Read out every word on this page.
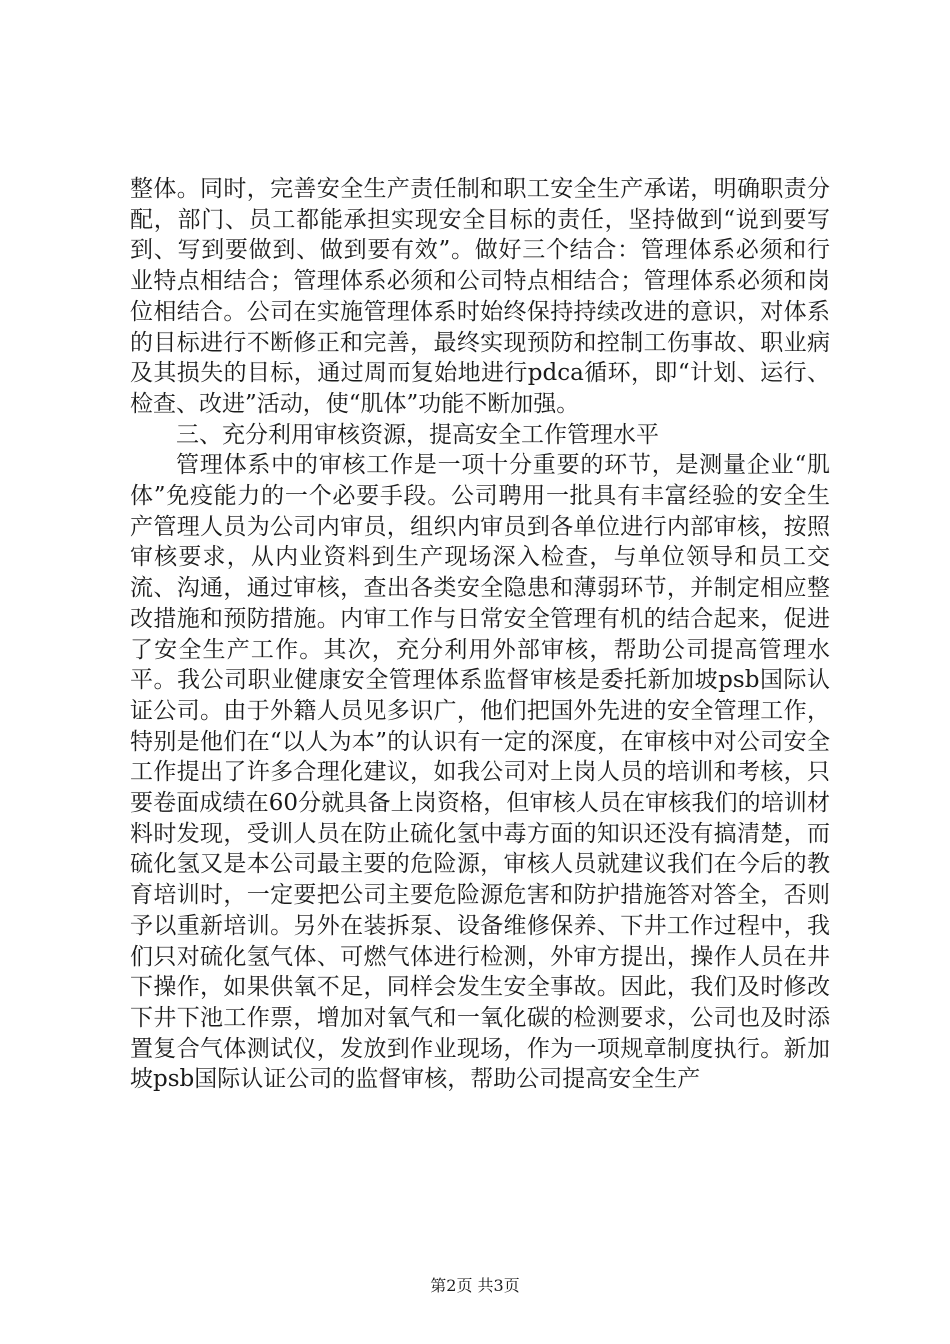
整体。同时，完善安全生产责任制和职工安全生产承诺，明确职责分配，部门、员工都能承担实现安全目标的责任，坚持做到“说到要写到、写到要做到、做到要有效”。做好三个结合：管理体系必须和行业特点相结合；管理体系必须和公司特点相结合；管理体系必须和岗位相结合。公司在实施管理体系时始终保持持续改进的意识，对体系的目标进行不断修正和完善，最终实现预防和控制工伤事故、职业病及其损失的目标，通过周而复始地进行pdca循环，即“计划、运行、检查、改进”活动，使“肌体”功能不断加强。

三、充分利用审核资源，提高安全工作管理水平

管理体系中的审核工作是一项十分重要的环节，是测量企业“肌体”免疫能力的一个必要手段。公司聘用一批具有丰富经验的安全生产管理人员为公司内审员，组织内审员到各单位进行内部审核，按照审核要求，从内业资料到生产现场深入检查，与单位领导和员工交流、沟通，通过审核，查出各类安全隐患和薄弱环节，并制定相应整改措施和预防措施。内审工作与日常安全管理有机的结合起来，促进了安全生产工作。其次，充分利用外部审核，帮助公司提高管理水平。我公司职业健康安全管理体系监督审核是委托新加坡psb国际认证公司。由于外籍人员见多识广，他们把国外先进的安全管理工作，特别是他们在“以人为本”的认识有一定的深度，在审核中对公司安全工作提出了许多合理化建议，如我公司对上岗人员的培训和考核，只要卷面成绩在60分就具备上岗资格，但审核人员在审核我们的培训材料时发现，受训人员在防止硫化氢中毒方面的知识还没有搞清楚，而硫化氢又是本公司最主要的危险源，审核人员就建议我们在今后的教育培训时，一定要把公司主要危险源危害和防护措施答对答全，否则予以重新培训。另外在装拆泵、设备维修保养、下井工作过程中，我们只对硫化氢气体、可燃气体进行检测，外审方提出，操作人员在井下操作，如果供氧不足，同样会发生安全事故。因此，我们及时修改下井下池工作票，增加对氧气和一氧化碳的检测要求，公司也及时添置复合气体测试仪，发放到作业现场，作为一项规章制度执行。新加坡psb国际认证公司的监督审核，帮助公司提高安全生产

第2页 共3页
